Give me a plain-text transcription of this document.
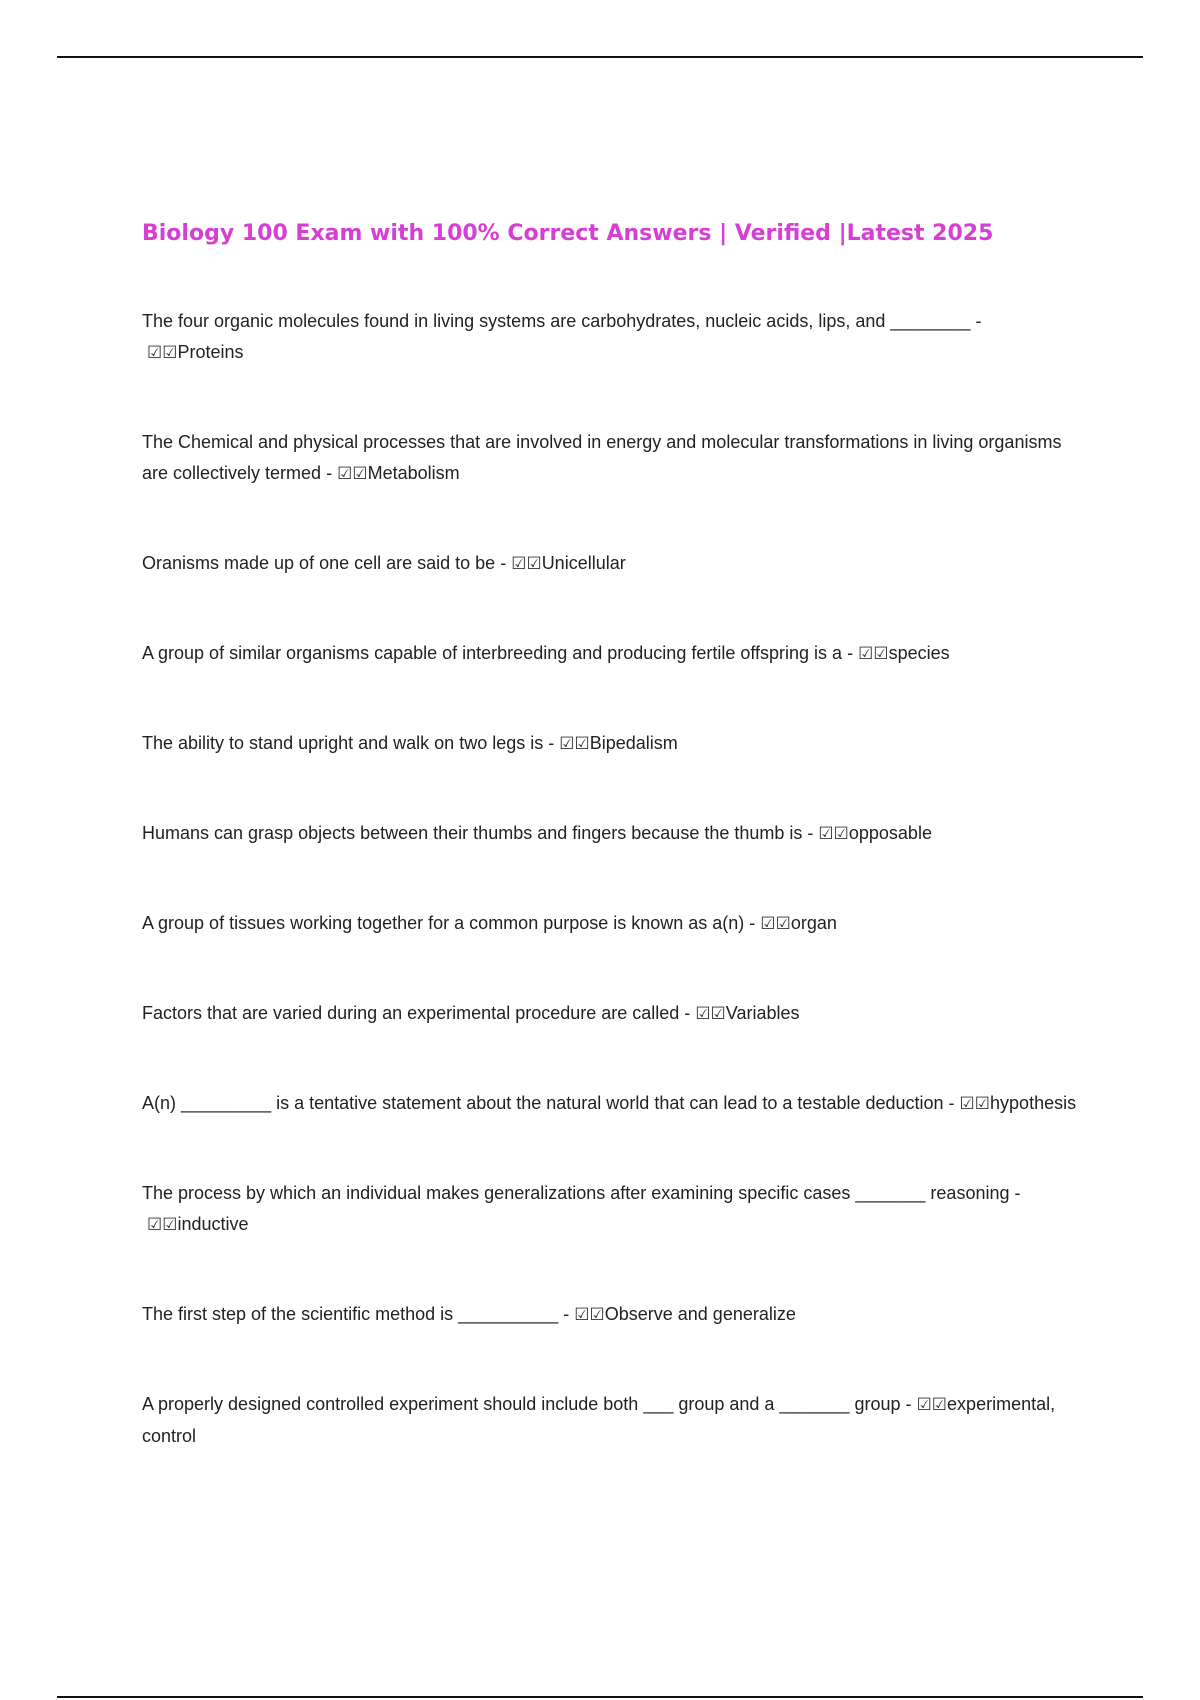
Biology 100 Exam with 100% Correct Answers | Verified |Latest 2025
The four organic molecules found in living systems are carbohydrates, nucleic acids, lips, and ________ - ☑☑Proteins
The Chemical and physical processes that are involved in energy and molecular transformations in living organisms are collectively termed - ☑☑Metabolism
Oranisms made up of one cell are said to be - ☑☑Unicellular
A group of similar organisms capable of interbreeding and producing fertile offspring is a - ☑☑species
The ability to stand upright and walk on two legs is - ☑☑Bipedalism
Humans can grasp objects between their thumbs and fingers because the thumb is - ☑☑opposable
A group of tissues working together for a common purpose is known as a(n) - ☑☑organ
Factors that are varied during an experimental procedure are called - ☑☑Variables
A(n) _________ is a tentative statement about the natural world that can lead to a testable deduction - ☑☑hypothesis
The process by which an individual makes generalizations after examining specific cases _______ reasoning - ☑☑inductive
The first step of the scientific method is __________ - ☑☑Observe and generalize
A properly designed controlled experiment should include both ___ group and a _______ group - ☑☑experimental, control
